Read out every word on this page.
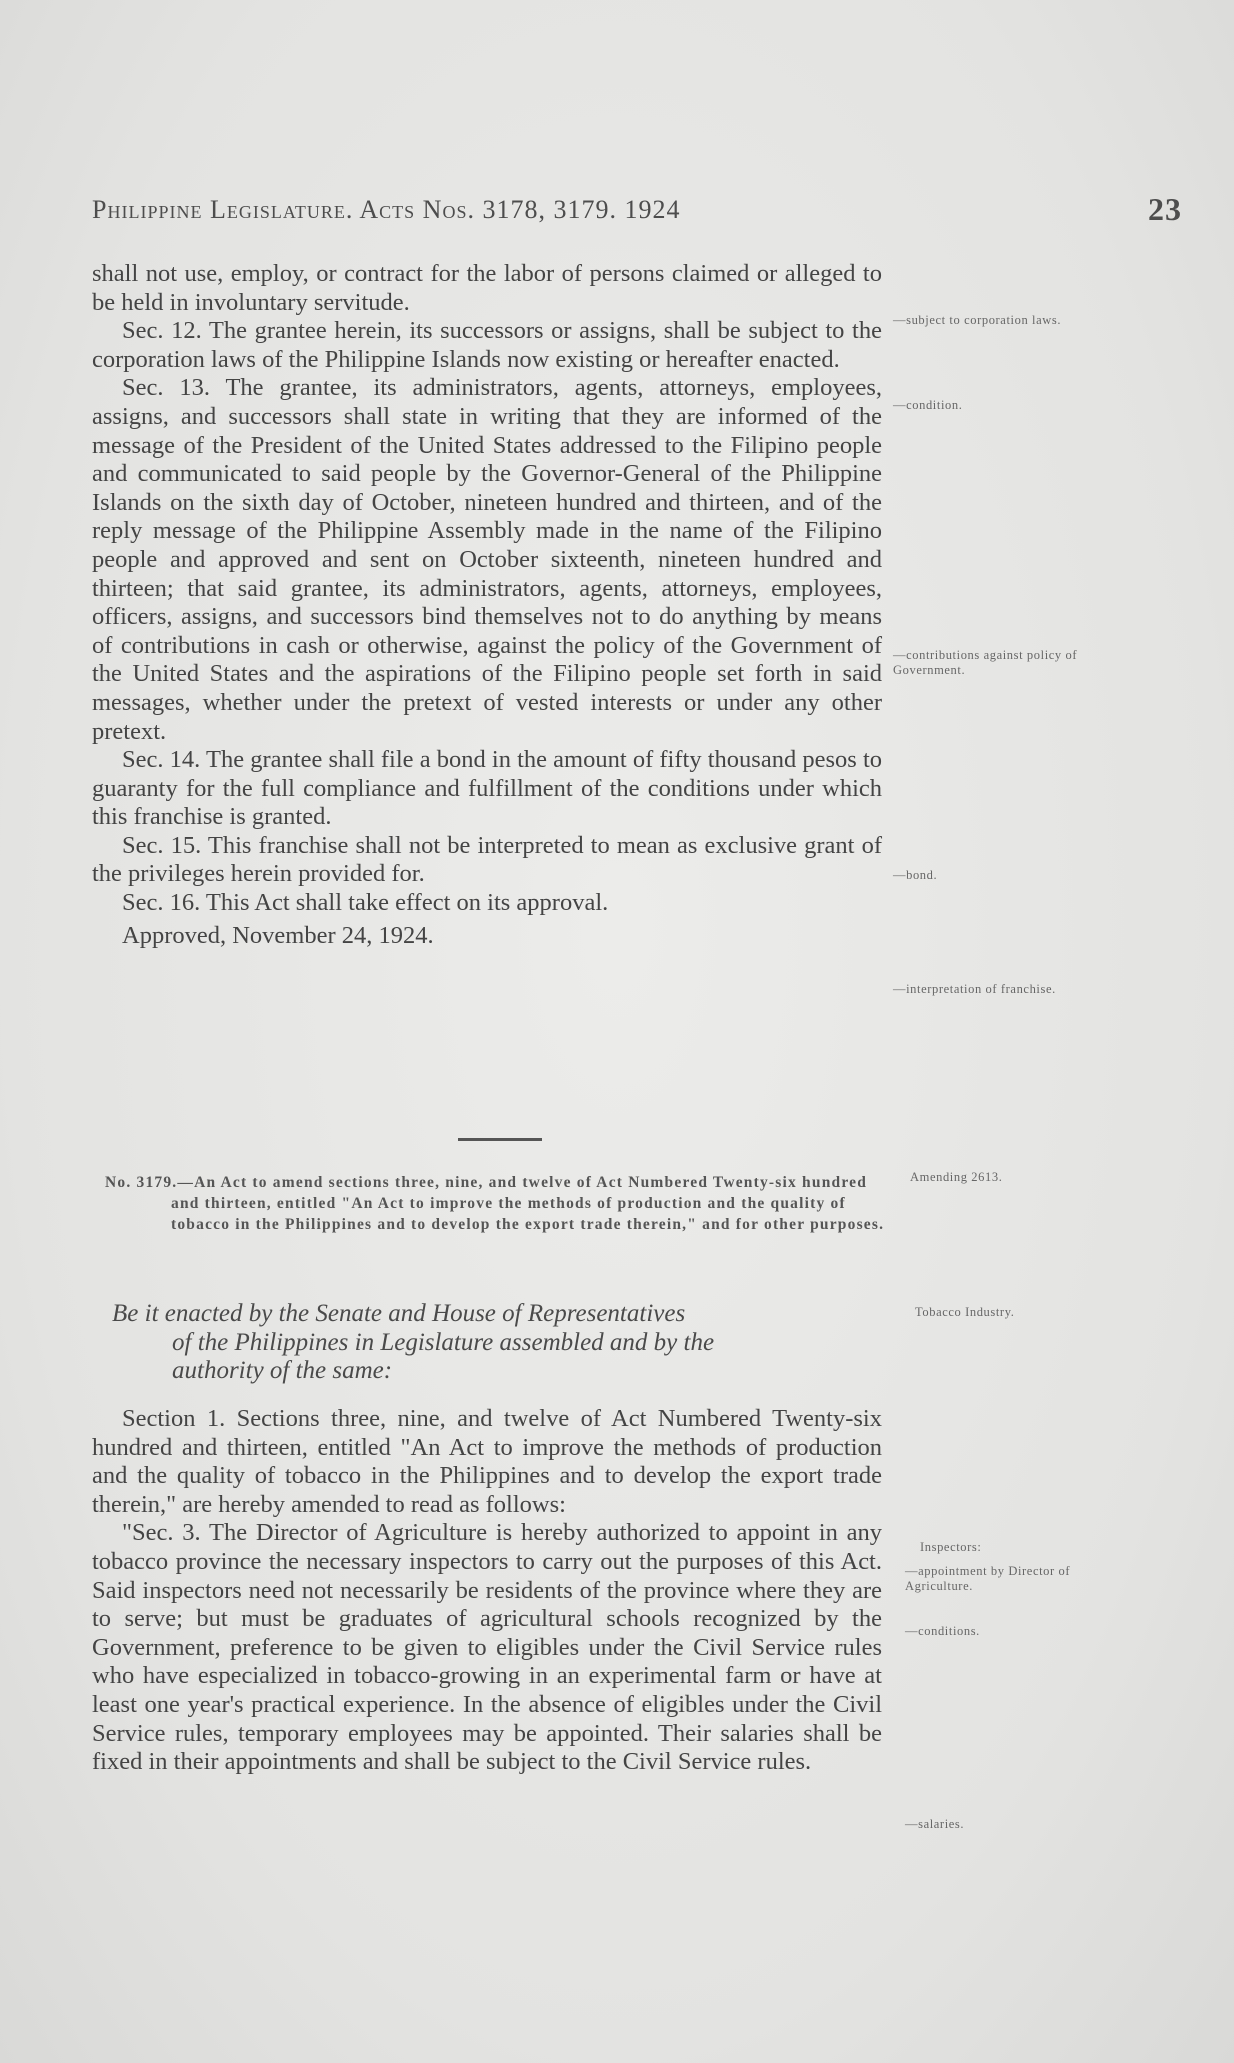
Philippine Legislature. Acts Nos. 3178, 3179. 1924	23

shall not use, employ, or contract for the labor of persons claimed or alleged to be held in involuntary servitude.

Sec. 12. The grantee herein, its successors or assigns, shall be subject to the corporation laws of the Philippine Islands now existing or hereafter enacted.

Sec. 13. The grantee, its administrators, agents, attorneys, employees, assigns, and successors shall state in writing that they are informed of the message of the President of the United States addressed to the Filipino people and communicated to said people by the Governor-General of the Philippine Islands on the sixth day of October, nineteen hundred and thirteen, and of the reply message of the Philippine Assembly made in the name of the Filipino people and approved and sent on October sixteenth, nineteen hundred and thirteen; that said grantee, its administrators, agents, attorneys, employees, officers, assigns, and successors bind themselves not to do anything by means of contributions in cash or otherwise, against the policy of the Government of the United States and the aspirations of the Filipino people set forth in said messages, whether under the pretext of vested interests or under any other pretext.

Sec. 14. The grantee shall file a bond in the amount of fifty thousand pesos to guaranty for the full compliance and fulfillment of the conditions under which this franchise is granted.

Sec. 15. This franchise shall not be interpreted to mean as exclusive grant of the privileges herein provided for.

Sec. 16. This Act shall take effect on its approval.

Approved, November 24, 1924.

No. 3179.—An Act to amend sections three, nine, and twelve of Act Numbered Twenty-six hundred and thirteen, entitled "An Act to improve the methods of production and the quality of tobacco in the Philippines and to develop the export trade therein," and for other purposes.
Be it enacted by the Senate and House of Representatives
of the Philippines in Legislature assembled and by the
authority of the same:

Section 1. Sections three, nine, and twelve of Act Numbered Twenty-six hundred and thirteen, entitled "An Act to improve the methods of production and the quality of tobacco in the Philippines and to develop the export trade therein," are hereby amended to read as follows:

"Sec. 3. The Director of Agriculture is hereby authorized to appoint in any tobacco province the necessary inspectors to carry out the purposes of this Act. Said inspectors need not necessarily be residents of the province where they are to serve; but must be graduates of agricultural schools recognized by the Government, preference to be given to eligibles under the Civil Service rules who have especialized in tobacco-growing in an experimental farm or have at least one year's practical experience. In the absence of eligibles under the Civil Service rules, temporary employees may be appointed. Their salaries shall be fixed in their appointments and shall be subject to the Civil Service rules.

—subject to corporation laws.
—condition.
—contributions against policy of Government.
—bond.
—interpretation of franchise.
Amending 2613.
Tobacco Industry.
Inspectors:
—appointment by Director of Agriculture.
—conditions.
—salaries.
